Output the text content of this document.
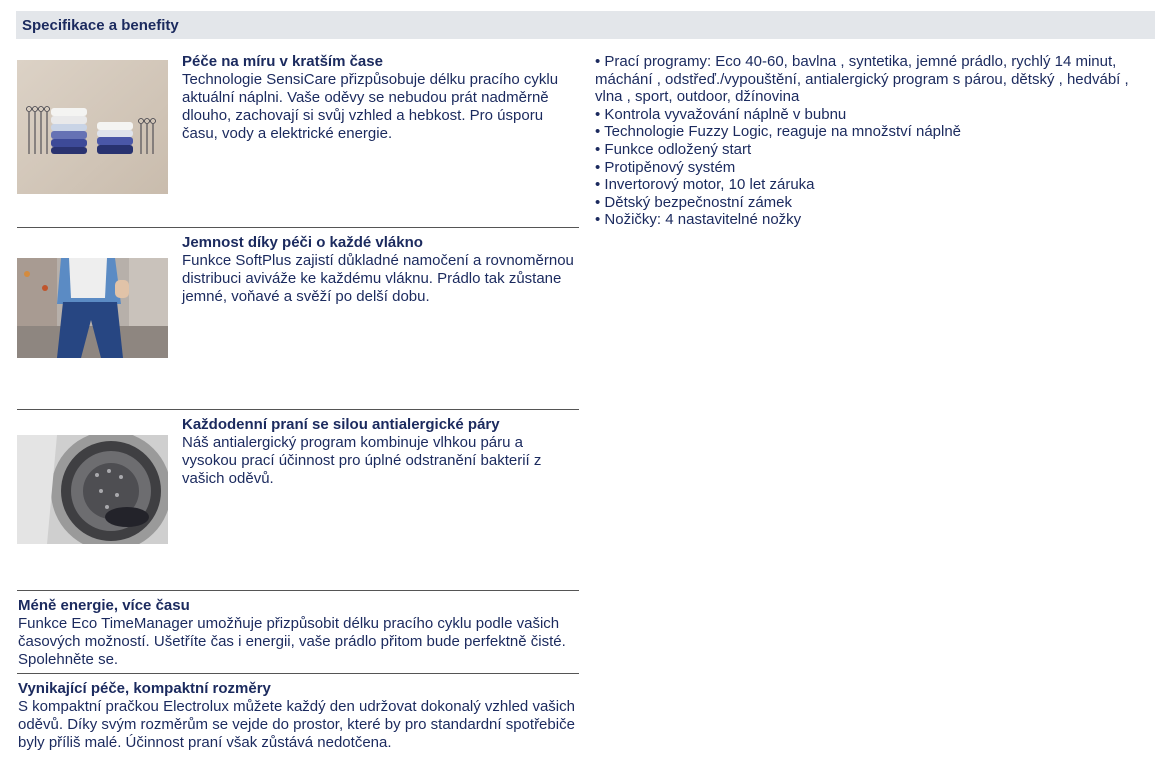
Specifikace a benefity
Péče na míru v kratším čase
Technologie SensiCare přizpůsobuje délku pracího cyklu aktuální náplni. Vaše oděvy se nebudou prát nadměrně dlouho, zachovají si svůj vzhled a hebkost. Pro úsporu času, vody a elektrické energie.
Jemnost díky péči o každé vlákno
Funkce SoftPlus zajistí důkladné namočení a rovnoměrnou distribuci aviváže ke každému vláknu. Prádlo tak zůstane jemné, voňavé a svěží po delší dobu.
Každodenní praní se silou antialergické páry
Náš antialergický program kombinuje vlhkou páru a vysokou prací účinnost pro úplné odstranění bakterií z vašich oděvů.
Méně energie, více času
Funkce Eco TimeManager umožňuje přizpůsobit délku pracího cyklu podle vašich časových možností. Ušetříte čas i energii, vaše prádlo přitom bude perfektně čisté. Spolehněte se.
Vynikající péče, kompaktní rozměry
S kompaktní pračkou Electrolux můžete každý den udržovat dokonalý vzhled vašich oděvů. Díky svým rozměrům se vejde do prostor, které by pro standardní spotřebiče byly příliš malé. Účinnost praní však zůstává nedotčena.
• Prací programy: Eco 40-60, bavlna , syntetika, jemné prádlo, rychlý 14 minut, máchání , odstřeď./vypouštění, antialergický program s párou, dětský , hedvábí , vlna , sport, outdoor, džínovina
• Kontrola vyvažování náplně v bubnu
• Technologie Fuzzy Logic, reaguje na množství náplně
• Funkce odložený start
• Protipěnový systém
• Invertorový motor, 10 let záruka
• Dětský bezpečnostní zámek
• Nožičky: 4 nastavitelné nožky
